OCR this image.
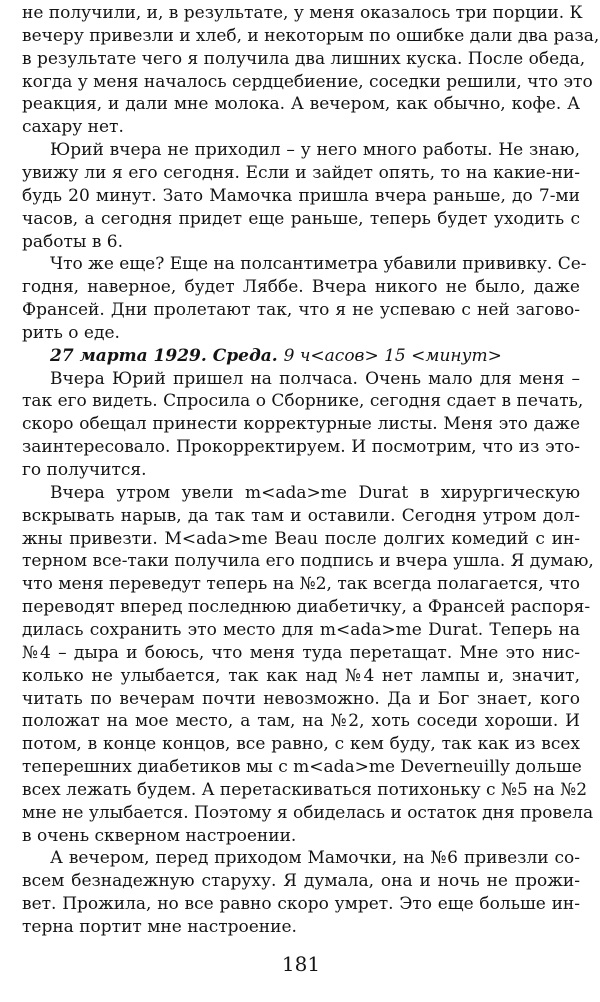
не получили, и, в результате, у меня оказалось три порции. К
вечеру привезли и хлеб, и некоторым по ошибке дали два раза,
в результате чего я получила два лишних куска. После обеда,
когда у меня началось сердцебиение, соседки решили, что это
реакция, и дали мне молока. А вечером, как обычно, кофе. А
сахару нет.
Юрий вчера не приходил – у него много работы. Не знаю,
увижу ли я его сегодня. Если и зайдет опять, то на какие-ни-
будь 20 минут. Зато Мамочка пришла вчера раньше, до 7-ми
часов, а сегодня придет еще раньше, теперь будет уходить с
работы в 6.
Что же еще? Еще на полсантиметра убавили прививку. Се-
годня, наверное, будет Ляббе. Вчера никого не было, даже
Франсей. Дни пролетают так, что я не успеваю с ней загово-
рить о еде.
27 марта 1929. Среда. 9 ч<асов> 15 <минут>
Вчера Юрий пришел на полчаса. Очень мало для меня –
так его видеть. Спросила о Сборнике, сегодня сдает в печать,
скоро обещал принести корректурные листы. Меня это даже
заинтересовало. Прокорректируем. И посмотрим, что из это-
го получится.
Вчера утром увели m<ada>me Durat в хирургическую
вскрывать нарыв, да так там и оставили. Сегодня утром дол-
жны привезти. M<ada>me Beau после долгих комедий с ин-
терном все-таки получила его подпись и вчера ушла. Я думаю,
что меня переведут теперь на №2, так всегда полагается, что
переводят вперед последнюю диабетичку, а Франсей распоря-
дилась сохранить это место для m<ada>me Durat. Теперь на
№4 – дыра и боюсь, что меня туда перетащат. Мне это нис-
колько не улыбается, так как над №4 нет лампы и, значит,
читать по вечерам почти невозможно. Да и Бог знает, кого
положат на мое место, а там, на №2, хоть соседи хороши. И
потом, в конце концов, все равно, с кем буду, так как из всех
теперешних диабетиков мы с m<ada>me Deverneuilly дольше
всех лежать будем. А перетаскиваться потихоньку с №5 на №2
мне не улыбается. Поэтому я обиделась и остаток дня провела
в очень скверном настроении.
А вечером, перед приходом Мамочки, на №6 привезли со-
всем безнадежную старуху. Я думала, она и ночь не прожи-
вет. Прожила, но все равно скоро умрет. Это еще больше ин-
терна портит мне настроение.
181
